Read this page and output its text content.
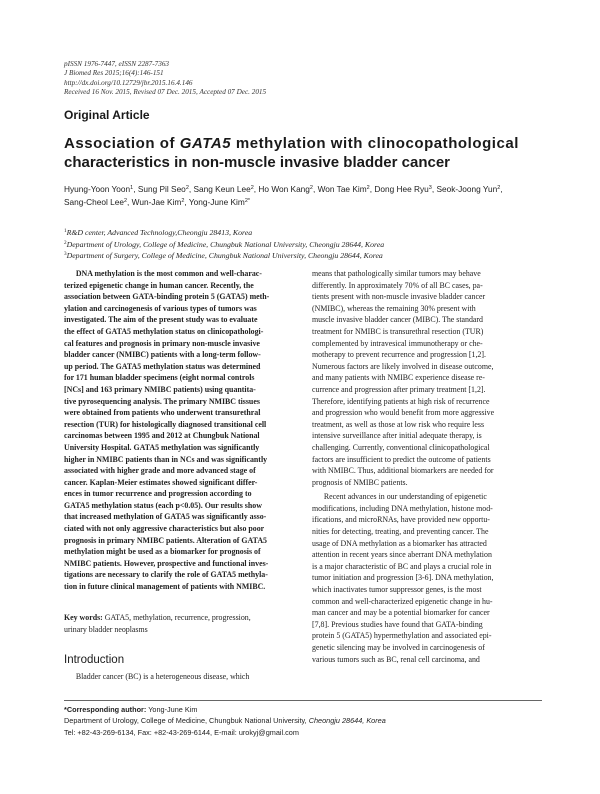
pISSN 1976-7447, eISSN 2287-7363
J Biomed Res 2015;16(4):146-151
http://dx.doi.org/10.12729/jbr.2015.16.4.146
Received 16 Nov. 2015, Revised 07 Dec. 2015, Accepted 07 Dec. 2015
Original Article
Association of GATA5 methylation with clinocopathological
characteristics in non-muscle invasive bladder cancer
Hyung-Yoon Yoon$^1$, Sung Pil Seo$^2$, Sang Keun Lee$^2$, Ho Won Kang$^2$, Won Tae Kim$^2$, Dong Hee Ryu$^3$, Seok-Joong Yun$^2$,
Sang-Cheol Lee$^2$, Wun-Jae Kim$^2$, Yong-June Kim$^{2*}$
$^1$R&D center, Advanced Technology,Cheongju 28413, Korea
$^2$Department of Urology, College of Medicine, Chungbuk National University, Cheongju 28644, Korea
$^3$Department of Surgery, College of Medicine, Chungbuk National University, Cheongju 28644, Korea
  DNA methylation is the most common and well-charac-
terized epigenetic change in human cancer. Recently, the
association between GATA-binding protein 5 (GATA5) meth-
ylation and carcinogenesis of various types of tumors was
investigated. The aim of the present study was to evaluate
the effect of GATA5 methylation status on clinicopathologi-
cal features and prognosis in primary non-muscle invasive
bladder cancer (NMIBC) patients with a long-term follow-
up period. The GATA5 methylation status was determined
for 171 human bladder specimens (eight normal controls
[NCs] and 163 primary NMIBC patients) using quantita-
tive pyrosequencing analysis. The primary NMIBC tissues
were obtained from patients who underwent transurethral
resection (TUR) for histologically diagnosed transitional cell
carcinomas between 1995 and 2012 at Chungbuk National
University Hospital. GATA5 methylation was significantly
higher in NMIBC patients than in NCs and was significantly
associated with higher grade and more advanced stage of
cancer. Kaplan-Meier estimates showed significant differ-
ences in tumor recurrence and progression according to
GATA5 methylation status (each p<0.05). Our results show
that increased methylation of GATA5 was significantly asso-
ciated with not only aggressive characteristics but also poor
prognosis in primary NMIBC patients. Alteration of GATA5
methylation might be used as a biomarker for prognosis of
NMIBC patients. However, prospective and functional inves-
tigations are necessary to clarify the role of GATA5 methyla-
tion in future clinical management of patients with NMIBC.
Key words: GATA5, methylation, recurrence, progression,
urinary bladder neoplasms
Introduction
  Bladder cancer (BC) is a heterogeneous disease, which
means that pathologically similar tumors may behave
differently. In approximately 70% of all BC cases, pa-
tients present with non-muscle invasive bladder cancer
(NMIBC), whereas the remaining 30% present with
muscle invasive bladder cancer (MIBC). The standard
treatment for NMIBC is transurethral resection (TUR)
complemented by intravesical immunotherapy or che-
motherapy to prevent recurrence and progression [1,2].
Numerous factors are likely involved in disease outcome,
and many patients with NMIBC experience disease re-
currence and progression after primary treatment [1,2].
Therefore, identifying patients at high risk of recurrence
and progression who would benefit from more aggressive
treatment, as well as those at low risk who require less
intensive surveillance after initial adequate therapy, is
challenging. Currently, conventional clinicopathological
factors are insufficient to predict the outcome of patients
with NMIBC. Thus, additional biomarkers are needed for
prognosis of NMIBC patients.
  Recent advances in our understanding of epigenetic
modifications, including DNA methylation, histone mod-
ifications, and microRNAs, have provided new opportu-
nities for detecting, treating, and preventing cancer. The
usage of DNA methylation as a biomarker has attracted
attention in recent years since aberrant DNA methylation
is a major characteristic of BC and plays a crucial role in
tumor initiation and progression [3-6]. DNA methylation,
which inactivates tumor suppressor genes, is the most
common and well-characterized epigenetic change in hu-
man cancer and may be a potential biomarker for cancer
[7,8]. Previous studies have found that GATA-binding
protein 5 (GATA5) hypermethylation and associated epi-
genetic silencing may be involved in carcinogenesis of
various tumors such as BC, renal cell carcinoma, and
*Corresponding author: Yong-June Kim
Department of Urology, College of Medicine, Chungbuk National University, Cheongju 28644, Korea
Tel: +82-43-269-6134, Fax: +82-43-269-6144, E-mail: urokyj@gmail.com
